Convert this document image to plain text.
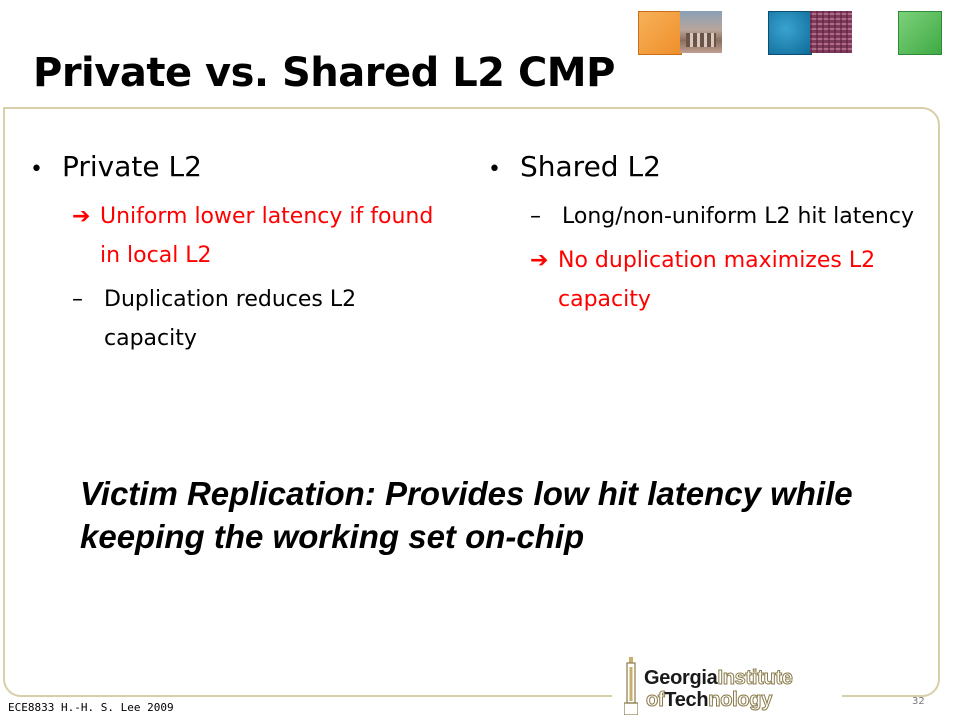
Private vs. Shared L2 CMP
• Private L2
➔ Uniform lower latency if found in local L2
– Duplication reduces L2 capacity
• Shared L2
– Long/non-uniform L2 hit latency
➔ No duplication maximizes L2 capacity

Victim Replication: Provides low hit latency while keeping the working set on-chip

GeorgiaInstitute
ofTechnology
ECE8833 H.-H. S. Lee 2009	32
